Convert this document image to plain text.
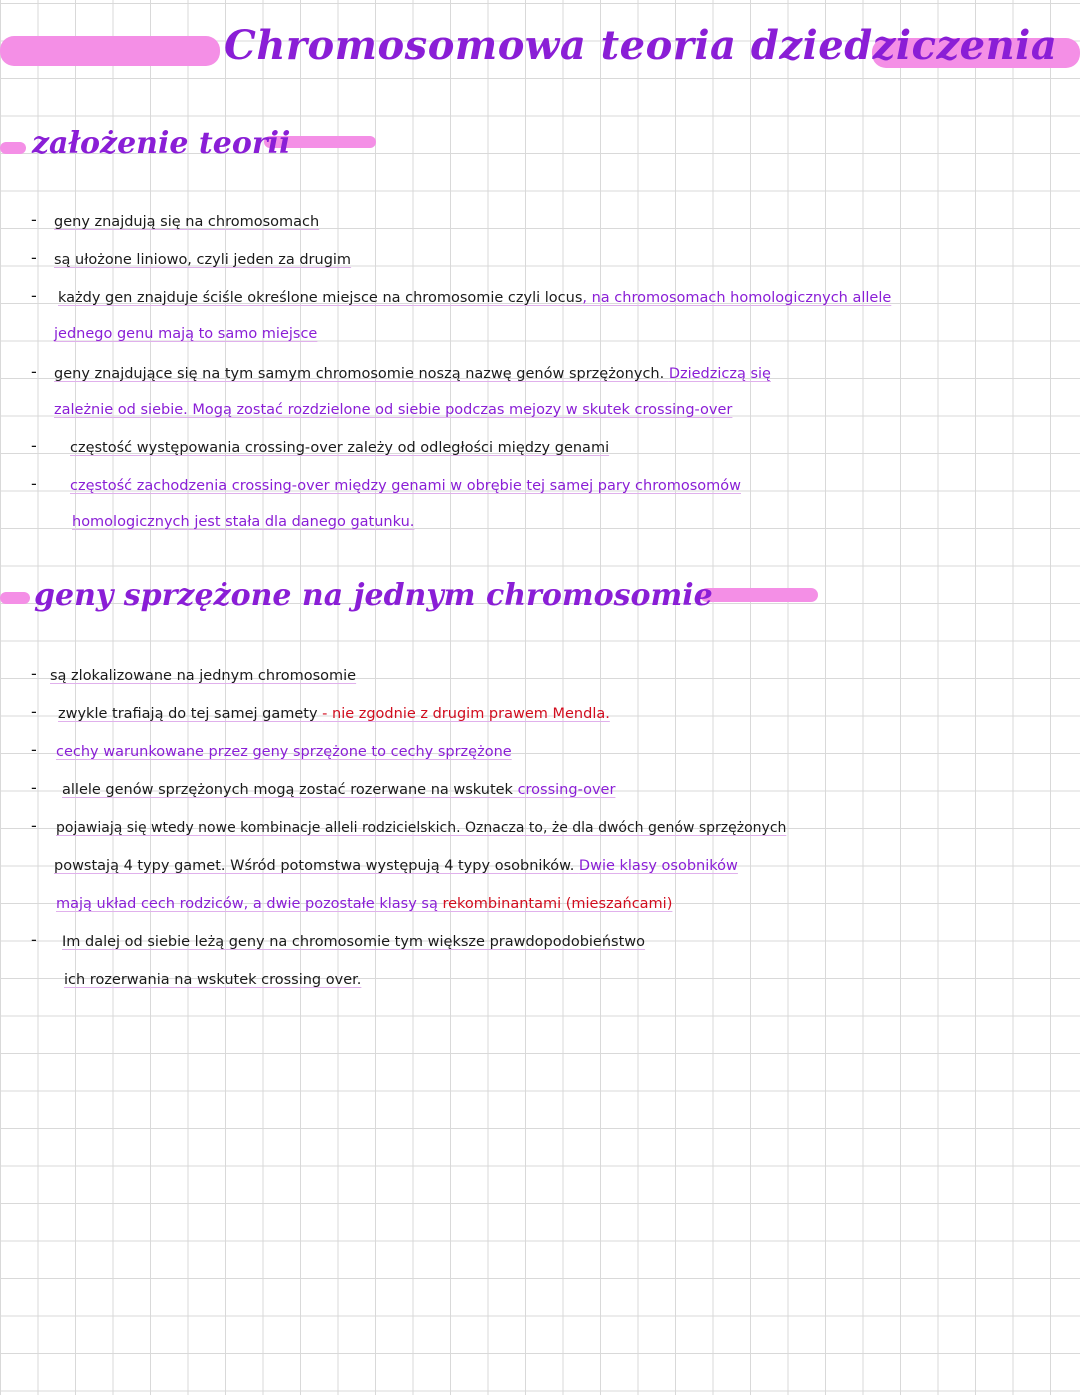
Chromosomowa teoria dziedziczenia
założenie teorii
- geny znajdują się na chromosomach
- są ułożone liniowo, czyli jeden za drugim
- każdy gen znajduje ściśle określone miejsce na chromosomie czyli locus, na chromosomach homologicznych allele
jednego genu mają to samo miejsce
- geny znajdujące się na tym samym chromosomie noszą nazwę genów sprzężonych. Dziedziczą się
zależnie od siebie. Mogą zostać rozdzielone od siebie podczas mejozy w skutek crossing-over
- częstość występowania crossing-over zależy od odległości między genami
- częstość zachodzenia crossing-over między genami w obrębie tej samej pary chromosomów
homologicznych jest stała dla danego gatunku.
geny sprzężone na jednym chromosomie
- są zlokalizowane na jednym chromosomie
- zwykle trafiają do tej samej gamety - nie zgodnie z drugim prawem Mendla.
- cechy warunkowane przez geny sprzężone to cechy sprzężone
- allele genów sprzężonych mogą zostać rozerwane na wskutek crossing-over
- pojawiają się wtedy nowe kombinacje alleli rodzicielskich. Oznacza to, że dla dwóch genów sprzężonych
powstają 4 typy gamet. Wśród potomstwa występują 4 typy osobników. Dwie klasy osobników
mają układ cech rodziców, a dwie pozostałe klasy są rekombinantami (mieszańcami)
- Im dalej od siebie leżą geny na chromosomie tym większe prawdopodobieństwo
ich rozerwania na wskutek crossing over.
